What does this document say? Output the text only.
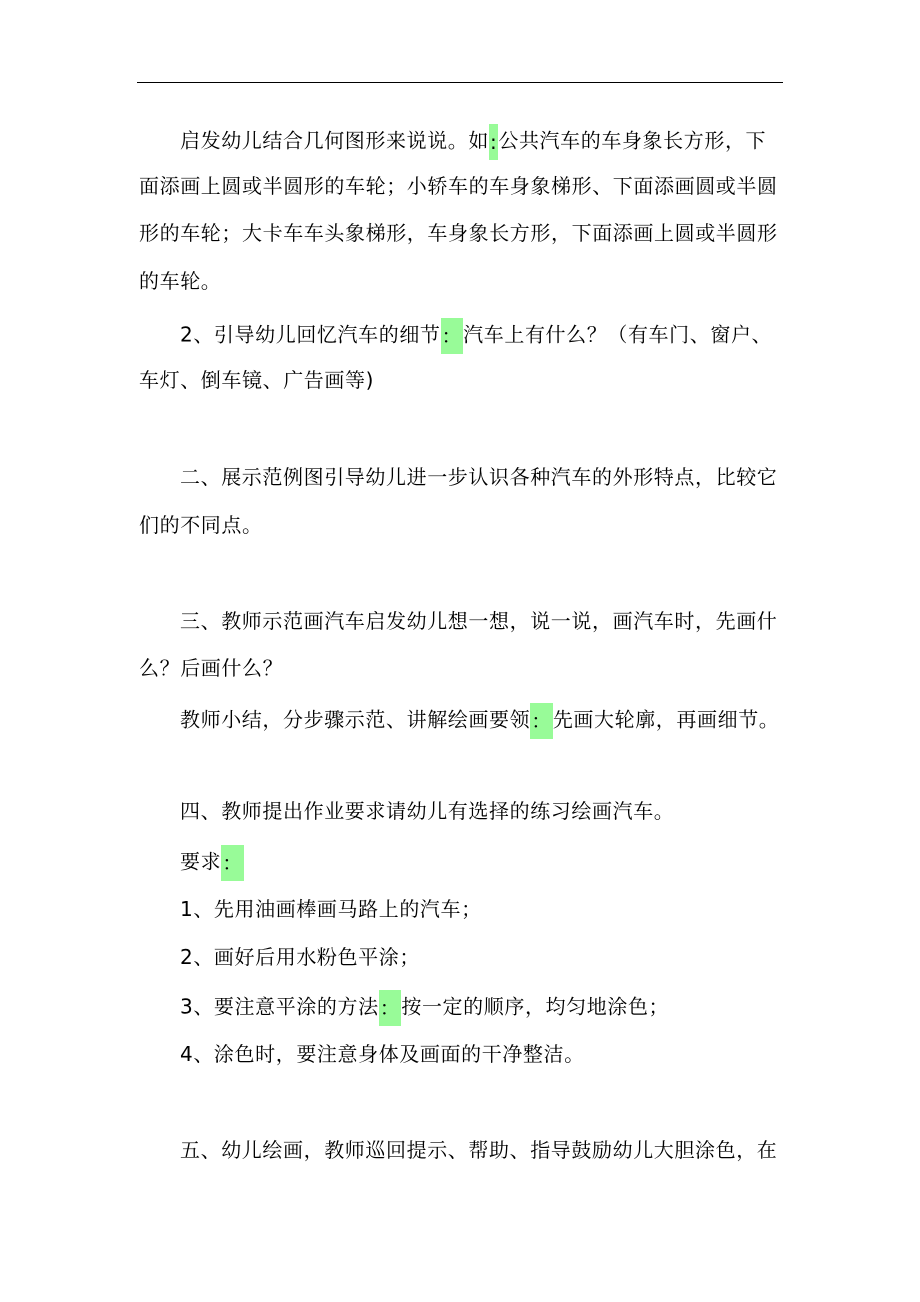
启发幼儿结合几何图形来说说。如:公共汽车的车身象长方形，下
面添画上圆或半圆形的车轮；小轿车的车身象梯形、下面添画圆或半圆
形的车轮；大卡车车头象梯形，车身象长方形，下面添画上圆或半圆形
的车轮。
2、引导幼儿回忆汽车的细节：汽车上有什么？（有车门、窗户、
车灯、倒车镜、广告画等)
二、展示范例图引导幼儿进一步认识各种汽车的外形特点，比较它
们的不同点。
三、教师示范画汽车启发幼儿想一想，说一说，画汽车时，先画什
么？后画什么？
教师小结，分步骤示范、讲解绘画要领：先画大轮廓，再画细节。
四、教师提出作业要求请幼儿有选择的练习绘画汽车。
要求：
1、先用油画棒画马路上的汽车；
2、画好后用水粉色平涂；
3、要注意平涂的方法：按一定的顺序，均匀地涂色；
4、涂色时，要注意身体及画面的干净整洁。
五、幼儿绘画，教师巡回提示、帮助、指导鼓励幼儿大胆涂色，在
